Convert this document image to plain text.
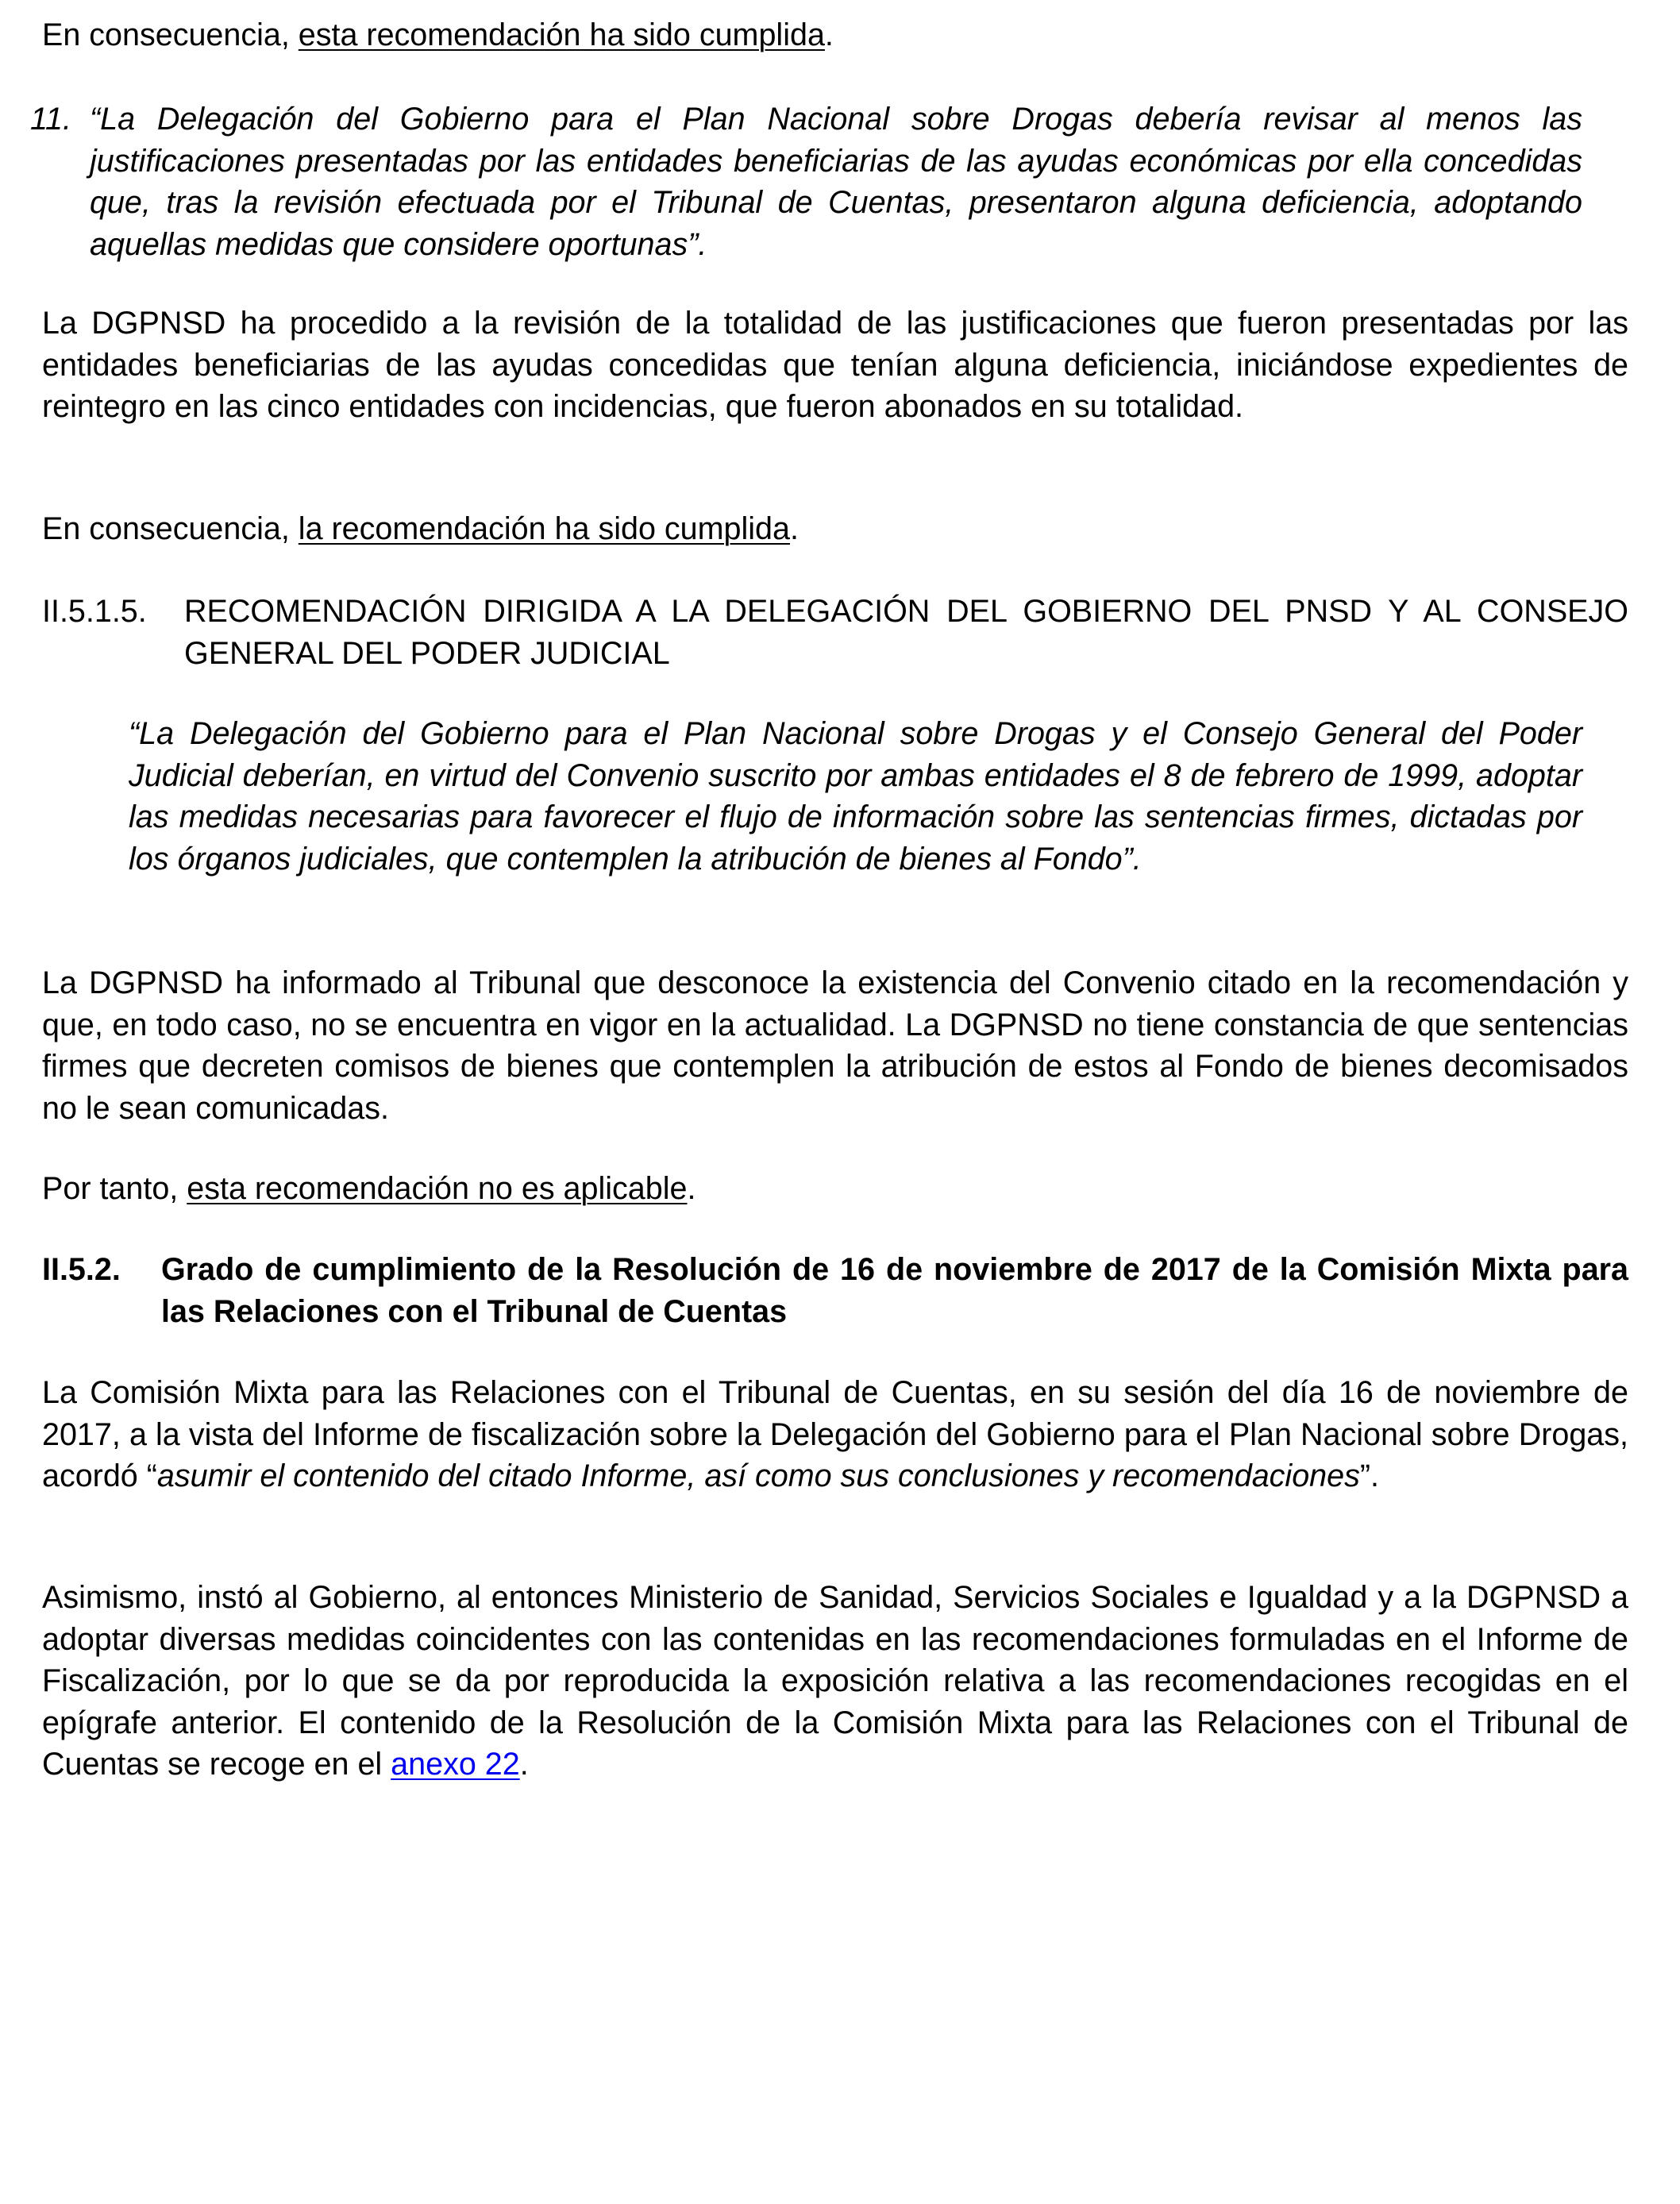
En consecuencia, esta recomendación ha sido cumplida.

11. “La Delegación del Gobierno para el Plan Nacional sobre Drogas debería revisar al menos las justificaciones presentadas por las entidades beneficiarias de las ayudas económicas por ella concedidas que, tras la revisión efectuada por el Tribunal de Cuentas, presentaron alguna deficiencia, adoptando aquellas medidas que considere oportunas”.

La DGPNSD ha procedido a la revisión de la totalidad de las justificaciones que fueron presentadas por las entidades beneficiarias de las ayudas concedidas que tenían alguna deficiencia, iniciándose expedientes de reintegro en las cinco entidades con incidencias, que fueron abonados en su totalidad.

En consecuencia, la recomendación ha sido cumplida.

II.5.1.5.	RECOMENDACIÓN DIRIGIDA A LA DELEGACIÓN DEL GOBIERNO DEL PNSD Y AL CONSEJO GENERAL DEL PODER JUDICIAL

“La Delegación del Gobierno para el Plan Nacional sobre Drogas y el Consejo General del Poder Judicial deberían, en virtud del Convenio suscrito por ambas entidades el 8 de febrero de 1999, adoptar las medidas necesarias para favorecer el flujo de información sobre las sentencias firmes, dictadas por los órganos judiciales, que contemplen la atribución de bienes al Fondo”.

La DGPNSD ha informado al Tribunal que desconoce la existencia del Convenio citado en la recomendación y que, en todo caso, no se encuentra en vigor en la actualidad. La DGPNSD no tiene constancia de que sentencias firmes que decreten comisos de bienes que contemplen la atribución de estos al Fondo de bienes decomisados no le sean comunicadas.

Por tanto, esta recomendación no es aplicable.

II.5.2.	Grado de cumplimiento de la Resolución de 16 de noviembre de 2017 de la Comisión Mixta para las Relaciones con el Tribunal de Cuentas

La Comisión Mixta para las Relaciones con el Tribunal de Cuentas, en su sesión del día 16 de noviembre de 2017, a la vista del Informe de fiscalización sobre la Delegación del Gobierno para el Plan Nacional sobre Drogas, acordó “asumir el contenido del citado Informe, así como sus conclusiones y recomendaciones”.

Asimismo, instó al Gobierno, al entonces Ministerio de Sanidad, Servicios Sociales e Igualdad y a la DGPNSD a adoptar diversas medidas coincidentes con las contenidas en las recomendaciones formuladas en el Informe de Fiscalización, por lo que se da por reproducida la exposición relativa a las recomendaciones recogidas en el epígrafe anterior. El contenido de la Resolución de la Comisión Mixta para las Relaciones con el Tribunal de Cuentas se recoge en el anexo 22.
